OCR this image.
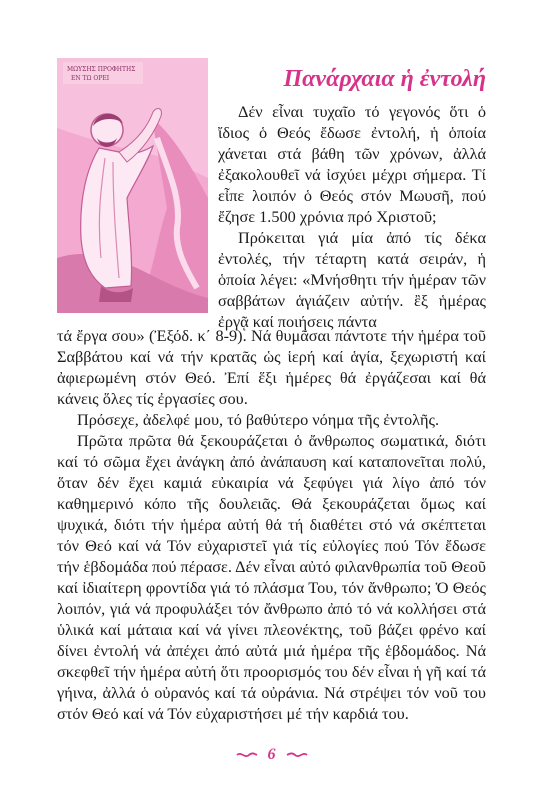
ΜΩΥΣΗΣ ΠΡΟΦΗΤΗΣ
ΕΝ ΤΩ ΟΡΕΙ	Πανάρχαια ἡ ἐντολή

Δέν εἶναι τυχαῖο τό γεγονός ὅτι ὁ ἴδιος ὁ Θεός ἔδωσε ἐντολή, ἡ ὁποία χάνεται στά βάθη τῶν χρόνων, ἀλλά ἐξακολουθεῖ νά ἰσχύει μέχρι σήμερα. Τί εἶπε λοιπόν ὁ Θεός στόν Μωυσῆ, πού ἔζησε 1.500 χρόνια πρό Χριστοῦ;

Πρόκειται γιά μία ἀπό τίς δέκα ἐντολές, τήν τέταρτη κατά σειράν, ἡ ὁποία λέγει: «Μνήσθητι τήν ἡμέραν τῶν σαββάτων ἁγιάζειν αὐτήν. ἒξ ἡμέρας ἐργᾷ καί ποιήσεις πάντα

τά ἔργα σου» (Ἐξόδ. κ΄ 8-9). Νά θυμᾶσαι πάντοτε τήν ἡμέρα τοῦ Σαββάτου καί νά τήν κρατᾶς ὡς ἱερή καί ἁγία, ξεχωριστή καί ἀφιερωμένη στόν Θεό. Ἐπί ἕξι ἡμέρες θά ἐργάζεσαι καί θά κάνεις ὅλες τίς ἐργασίες σου.

Πρόσεχε, ἀδελφέ μου, τό βαθύτερο νόημα τῆς ἐντολῆς.

Πρῶτα πρῶτα θά ξεκουράζεται ὁ ἄνθρωπος σωματικά, διότι καί τό σῶμα ἔχει ἀνάγκη ἀπό ἀνάπαυση καί καταπονεῖται πολύ, ὅταν δέν ἔχει καμιά εὐκαιρία νά ξεφύγει γιά λίγο ἀπό τόν καθημερινό κόπο τῆς δουλειᾶς. Θά ξεκουράζεται ὅμως καί ψυχικά, διότι τήν ἡμέρα αὐτή θά τή διαθέτει στό νά σκέπτεται τόν Θεό καί νά Τόν εὐχαριστεῖ γιά τίς εὐλογίες πού Τόν ἔδωσε τήν ἑβδομάδα πού πέρασε. Δέν εἶναι αὐτό φιλανθρωπία τοῦ Θεοῦ καί ἰδιαίτερη φροντίδα γιά τό πλάσμα Του, τόν ἄνθρωπο; Ὁ Θεός λοιπόν, γιά νά προφυλάξει τόν ἄνθρωπο ἀπό τό νά κολλήσει στά ὑλικά καί μάταια καί νά γίνει πλεονέκτης, τοῦ βάζει φρένο καί δίνει ἐντολή νά ἀπέχει ἀπό αὐτά μιά ἡμέρα τῆς ἑβδομάδος. Νά σκεφθεῖ τήν ἡμέρα αὐτή ὅτι προορισμός του δέν εἶναι ἡ γῆ καί τά γήινα, ἀλλά ὁ οὐρανός καί τά οὐράνια. Νά στρέψει τόν νοῦ του στόν Θεό καί νά Τόν εὐχαριστήσει μέ τήν καρδιά του.

6
